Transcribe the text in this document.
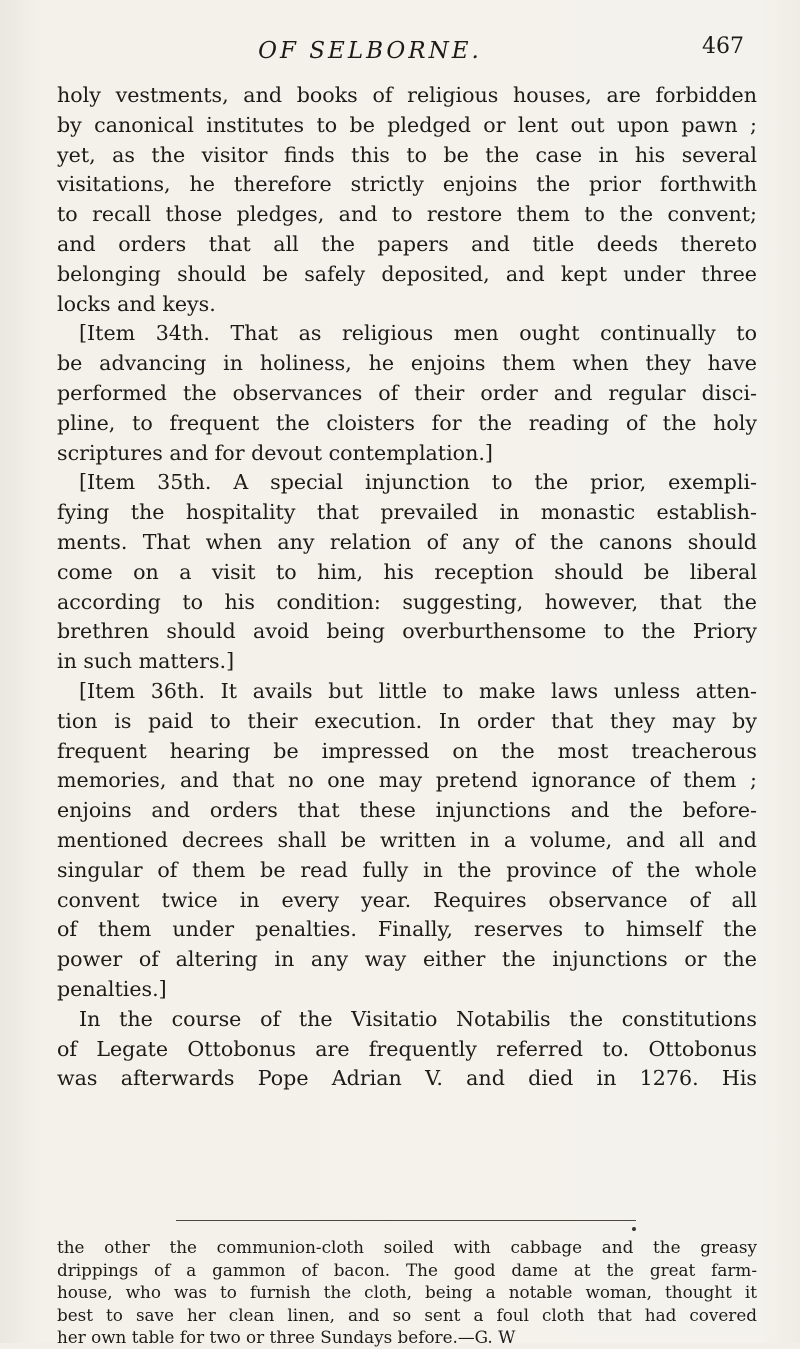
OF SELBORNE.	467
holy vestments, and books of religious houses, are forbidden
by canonical institutes to be pledged or lent out upon pawn ;
yet, as the visitor finds this to be the case in his several
visitations, he therefore strictly enjoins the prior forthwith
to recall those pledges, and to restore them to the convent;
and orders that all the papers and title deeds thereto
belonging should be safely deposited, and kept under three
locks and keys.
[Item 34th. That as religious men ought continually to
be advancing in holiness, he enjoins them when they have
performed the observances of their order and regular disci-
pline, to frequent the cloisters for the reading of the holy
scriptures and for devout contemplation.]
[Item 35th. A special injunction to the prior, exempli-
fying the hospitality that prevailed in monastic establish-
ments. That when any relation of any of the canons should
come on a visit to him, his reception should be liberal
according to his condition: suggesting, however, that the
brethren should avoid being overburthensome to the Priory
in such matters.]
[Item 36th. It avails but little to make laws unless atten-
tion is paid to their execution. In order that they may by
frequent hearing be impressed on the most treacherous
memories, and that no one may pretend ignorance of them ;
enjoins and orders that these injunctions and the before-
mentioned decrees shall be written in a volume, and all and
singular of them be read fully in the province of the whole
convent twice in every year. Requires observance of all
of them under penalties. Finally, reserves to himself the
power of altering in any way either the injunctions or the
penalties.]
In the course of the Visitatio Notabilis the constitutions
of Legate Ottobonus are frequently referred to. Ottobonus
was afterwards Pope Adrian V. and died in 1276. His
the other the communion-cloth soiled with cabbage and the greasy
drippings of a gammon of bacon. The good dame at the great farm-
house, who was to furnish the cloth, being a notable woman, thought it
best to save her clean linen, and so sent a foul cloth that had covered
her own table for two or three Sundays before.—G. W
